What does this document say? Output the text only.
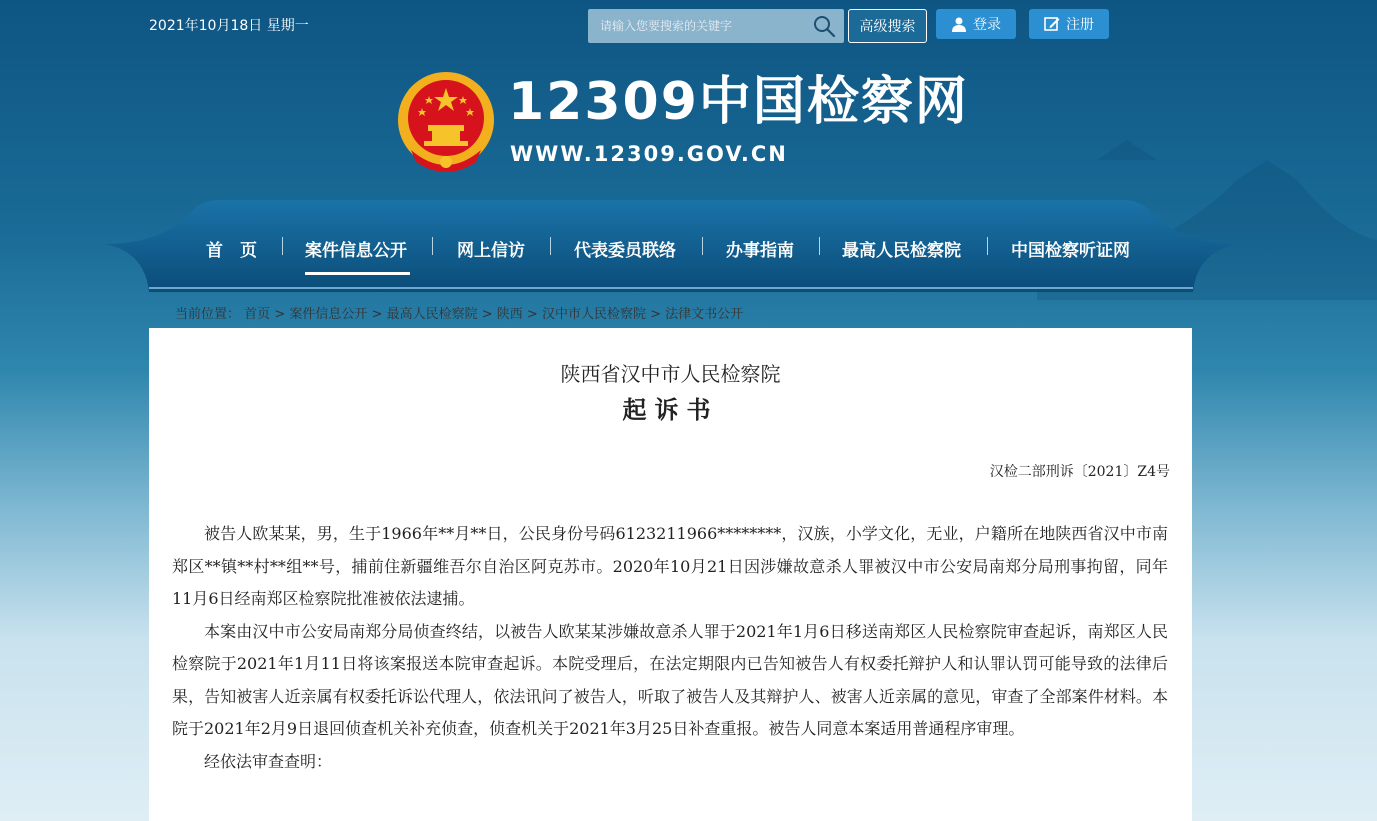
2021年10月18日 星期一
请输入您要搜索的关键字	高级搜索	登录	注册
12309中国检察网
WWW.12309.GOV.CN
首　页	案件信息公开	网上信访	代表委员联络	办事指南	最高人民检察院	中国检察听证网
当前位置： 首页 > 案件信息公开 > 最高人民检察院 > 陕西 > 汉中市人民检察院 > 法律文书公开
陕西省汉中市人民检察院
起诉书
汉检二部刑诉〔2021〕Z4号

被告人欧某某，男，生于1966年**月**日，公民身份号码6123211966********，汉族，小学文化，无业，户籍所在地陕西省汉中市南郑区**镇**村**组**号，捕前住新疆维吾尔自治区阿克苏市。2020年10月21日因涉嫌故意杀人罪被汉中市公安局南郑分局刑事拘留，同年11月6日经南郑区检察院批准被依法逮捕。

本案由汉中市公安局南郑分局侦查终结，以被告人欧某某涉嫌故意杀人罪于2021年1月6日移送南郑区人民检察院审查起诉，南郑区人民检察院于2021年1月11日将该案报送本院审查起诉。本院受理后，在法定期限内已告知被告人有权委托辩护人和认罪认罚可能导致的法律后果，告知被害人近亲属有权委托诉讼代理人，依法讯问了被告人，听取了被告人及其辩护人、被害人近亲属的意见，审查了全部案件材料。本院于2021年2月9日退回侦查机关补充侦查，侦查机关于2021年3月25日补查重报。被告人同意本案适用普通程序审理。

经依法审查查明：
